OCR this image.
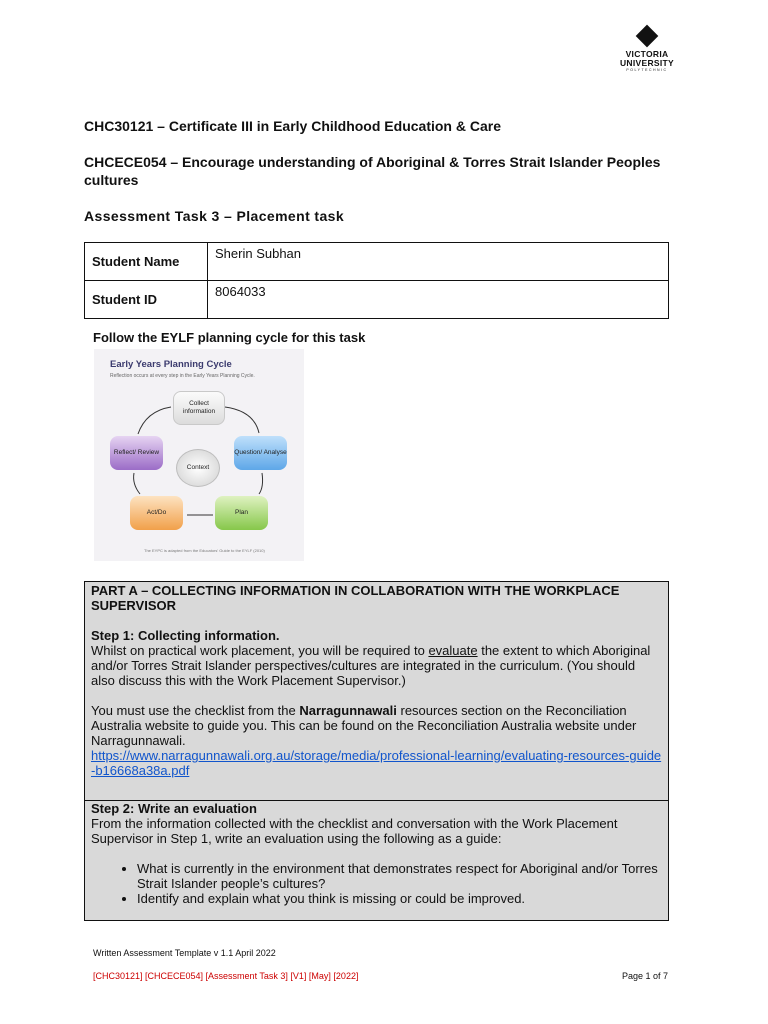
VICTORIA
UNIVERSITY
POLYTECHNIC
CHC30121 – Certificate III in Early Childhood Education & Care
CHCECE054 – Encourage understanding of Aboriginal & Torres Strait Islander Peoples cultures
Assessment Task 3 – Placement task
Student Name	Sherin Subhan
Student ID	8064033
Follow the EYLF planning cycle for this task
Early Years Planning Cycle
Reflection occurs at every step in the Early Years Planning Cycle.
Collect information
Question/ Analyse
Plan
Act/Do
Reflect/ Review
Context
The EYPC is adapted from the Educators' Guide to the EYLF (2010)
PART A – COLLECTING INFORMATION IN COLLABORATION WITH THE WORKPLACE SUPERVISOR
Step 1: Collecting information.
Whilst on practical work placement, you will be required to evaluate the extent to which Aboriginal and/or Torres Strait Islander perspectives/cultures are integrated in the curriculum. (You should also discuss this with the Work Placement Supervisor.)
You must use the checklist from the Narragunnawali resources section on the Reconciliation Australia website to guide you. This can be found on the Reconciliation Australia website under Narragunnawali.
https://www.narragunnawali.org.au/storage/media/professional-learning/evaluating-resources-guide-b16668a38a.pdf
Step 2: Write an evaluation
From the information collected with the checklist and conversation with the Work Placement Supervisor in Step 1, write an evaluation using the following as a guide:
• What is currently in the environment that demonstrates respect for Aboriginal and/or Torres Strait Islander people’s cultures?
• Identify and explain what you think is missing or could be improved.
Written Assessment Template v 1.1 April 2022
[CHC30121] [CHCECE054] [Assessment Task 3] [V1] [May] [2022]	Page 1 of 7
